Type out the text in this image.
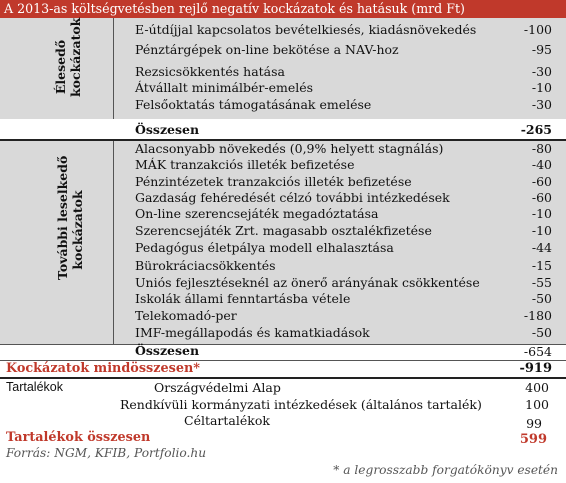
A 2013-as költségvetésben rejlő negatív kockázatok és hatásuk (mrd Ft)
Élesedő kockázatok	E-útdíjjal kapcsolatos bevételkiesés, kiadásnövekedés	-100
Pénztárgépek on-line bekötése a NAV-hoz	-95
Rezsicsökkentés hatása	-30
Átvállalt minimálbér-emelés	-10
Felsőoktatás támogatásának emelése	-30
Összesen	-265
További leselkedő kockázatok
Alacsonyabb növekedés (0,9% helyett stagnálás)	-80
MÁK tranzakciós illeték befizetése	-40
Pénzintézetek tranzakciós illeték befizetése	-60
Gazdaság fehéredését célzó további intézkedések	-60
On-line szerencsejáték megadóztatása	-10
Szerencsejáték Zrt. magasabb osztalékfizetése	-10
Pedagógus életpálya modell elhalasztása	-44
Bürokráciacsökkentés	-15
Uniós fejlesztéseknél az önerő arányának csökkentése	-55
Iskolák állami fenntartásba vétele	-50
Telekomadó-per	-180
IMF-megállapodás és kamatkiadások	-50
Összesen	-654
Kockázatok mindösszesen*	-919
Tartalékok	Országvédelmi Alap	400
Rendkívüli kormányzati intézkedések (általános tartalék)	100
Céltartalékok	99
Tartalékok összesen	599
Forrás: NGM, KFIB, Portfolio.hu
* a legrosszabb forgatókönyv esetén
